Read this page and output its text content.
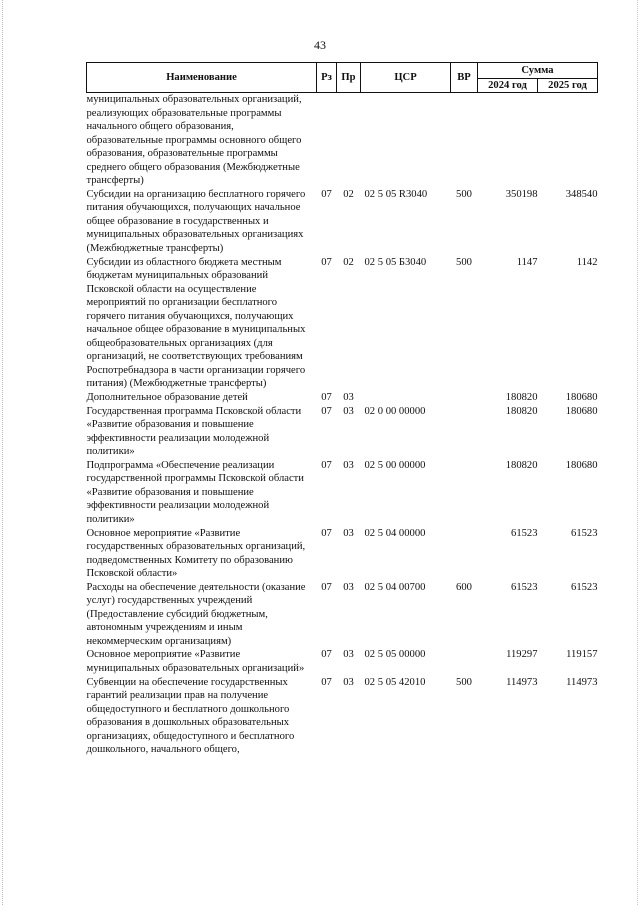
43
Наименование	Рз	Пр	ЦСР	ВР	Сумма	
					2024 год	2025 год
муниципальных образовательных организаций, реализующих образовательные программы начального общего образования, образовательные программы основного общего образования, образовательные программы среднего общего образования (Межбюджетные трансферты)						
Субсидии на организацию бесплатного горячего питания обучающихся, получающих начальное общее образование в государственных и муниципальных образовательных организациях (Межбюджетные трансферты)	07	02	02 5 05 R3040	500	350198	348540
Субсидии из областного бюджета местным бюджетам муниципальных образований Псковской области на осуществление мероприятий по организации бесплатного горячего питания обучающихся, получающих начальное общее образование в муниципальных общеобразовательных организациях (для организаций, не соответствующих требованиям Роспотребнадзора в части организации горячего питания) (Межбюджетные трансферты)	07	02	02 5 05 Б3040	500	1147	1142
Дополнительное образование детей	07	03			180820	180680
Государственная программа Псковской области «Развитие образования и повышение эффективности реализации молодежной политики»	07	03	02 0 00 00000		180820	180680
Подпрограмма «Обеспечение реализации государственной программы Псковской области «Развитие образования и повышение эффективности реализации молодежной политики»	07	03	02 5 00 00000		180820	180680
Основное мероприятие «Развитие государственных образовательных организаций, подведомственных Комитету по образованию Псковской области»	07	03	02 5 04 00000		61523	61523
Расходы на обеспечение деятельности (оказание услуг) государственных учреждений (Предоставление субсидий бюджетным, автономным учреждениям и иным некоммерческим организациям)	07	03	02 5 04 00700	600	61523	61523
Основное мероприятие «Развитие муниципальных образовательных организаций»	07	03	02 5 05 00000		119297	119157
Субвенции на обеспечение государственных гарантий реализации прав на получение общедоступного и бесплатного дошкольного образования в дошкольных образовательных организациях, общедоступного и бесплатного дошкольного, начального общего,	07	03	02 5 05 42010	500	114973	114973
